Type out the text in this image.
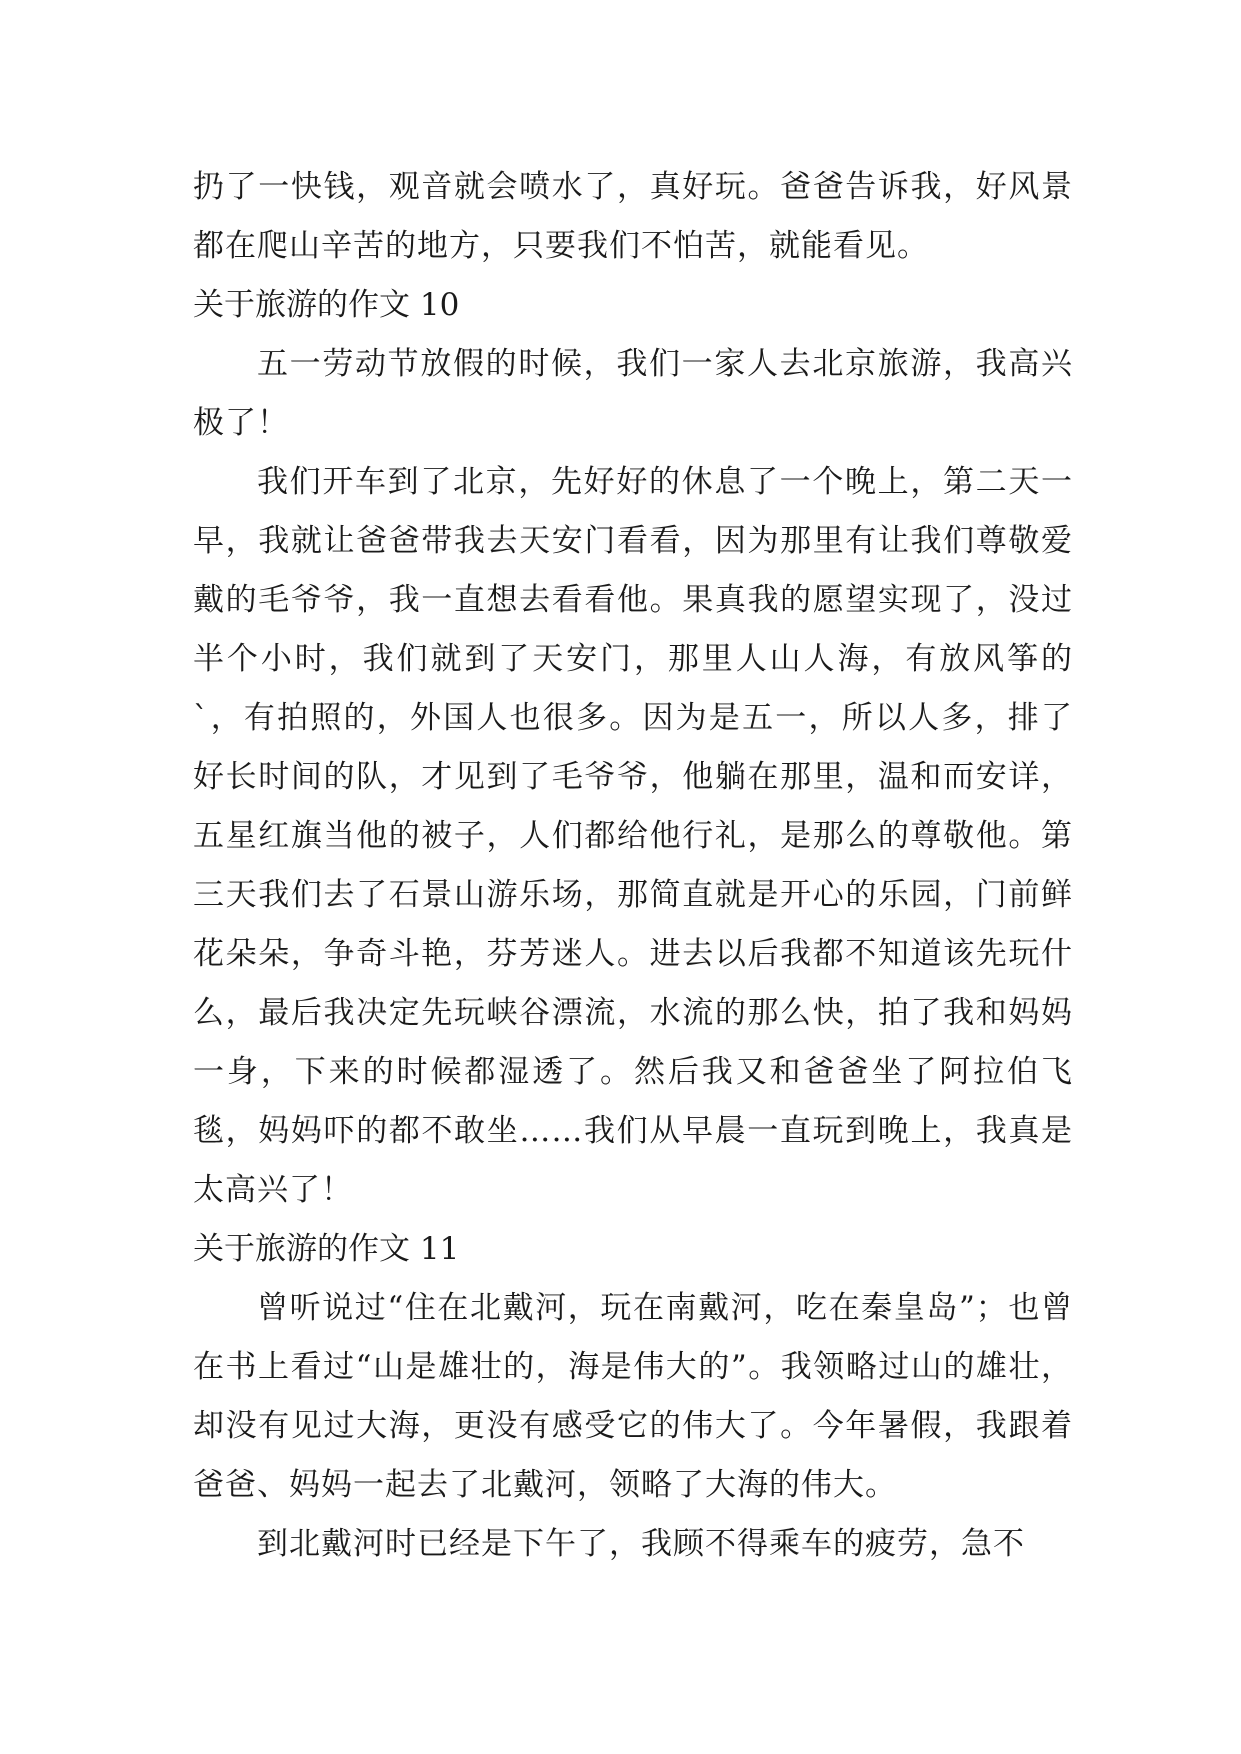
扔了一快钱，观音就会喷水了，真好玩。爸爸告诉我，好风景都在爬山辛苦的地方，只要我们不怕苦，就能看见。

关于旅游的作文 10

五一劳动节放假的时候，我们一家人去北京旅游，我高兴极了！

我们开车到了北京，先好好的休息了一个晚上，第二天一早，我就让爸爸带我去天安门看看，因为那里有让我们尊敬爱戴的毛爷爷，我一直想去看看他。果真我的愿望实现了，没过半个小时，我们就到了天安门，那里人山人海，有放风筝的`，有拍照的，外国人也很多。因为是五一，所以人多，排了好长时间的队，才见到了毛爷爷，他躺在那里，温和而安详，五星红旗当他的被子，人们都给他行礼，是那么的尊敬他。第三天我们去了石景山游乐场，那简直就是开心的乐园，门前鲜花朵朵，争奇斗艳，芬芳迷人。进去以后我都不知道该先玩什么，最后我决定先玩峡谷漂流，水流的那么快，拍了我和妈妈一身，下来的时候都湿透了。然后我又和爸爸坐了阿拉伯飞毯，妈妈吓的都不敢坐……我们从早晨一直玩到晚上，我真是太高兴了！

关于旅游的作文 11

曾听说过“住在北戴河，玩在南戴河，吃在秦皇岛”；也曾在书上看过“山是雄壮的，海是伟大的”。我领略过山的雄壮，却没有见过大海，更没有感受它的伟大了。今年暑假，我跟着爸爸、妈妈一起去了北戴河，领略了大海的伟大。

到北戴河时已经是下午了，我顾不得乘车的疲劳，急不
